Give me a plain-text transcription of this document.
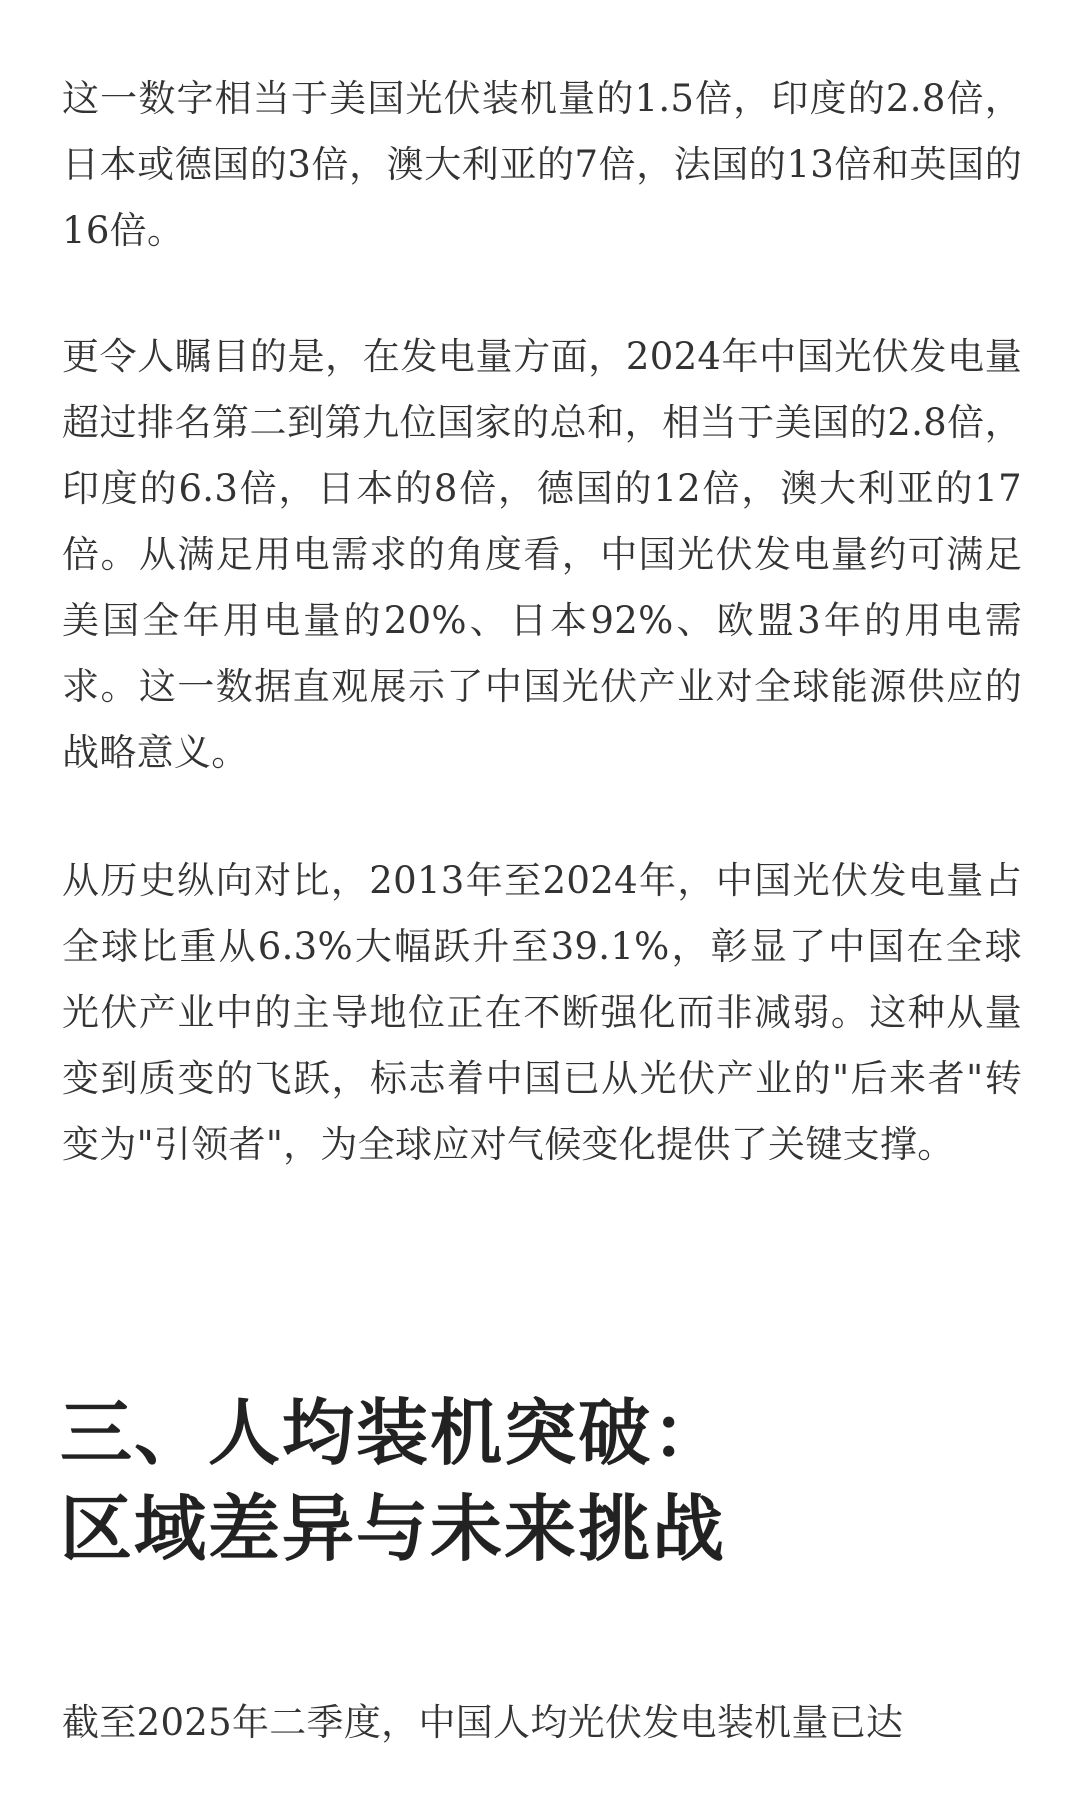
这一数字相当于美国光伏装机量的1.5倍，印度的2.8倍，日本或德国的3倍，澳大利亚的7倍，法国的13倍和英国的16倍。

更令人瞩目的是，在发电量方面，2024年中国光伏发电量超过排名第二到第九位国家的总和，相当于美国的2.8倍，印度的6.3倍，日本的8倍，德国的12倍，澳大利亚的17倍。从满足用电需求的角度看，中国光伏发电量约可满足美国全年用电量的20%、日本92%、欧盟3年的用电需求。这一数据直观展示了中国光伏产业对全球能源供应的战略意义。

从历史纵向对比，2013年至2024年，中国光伏发电量占全球比重从6.3%大幅跃升至39.1%，彰显了中国在全球光伏产业中的主导地位正在不断强化而非减弱。这种从量变到质变的飞跃，标志着中国已从光伏产业的"后来者"转变为"引领者"，为全球应对气候变化提供了关键支撑。

三、人均装机突破：
区域差异与未来挑战

截至2025年二季度，中国人均光伏发电装机量已达
